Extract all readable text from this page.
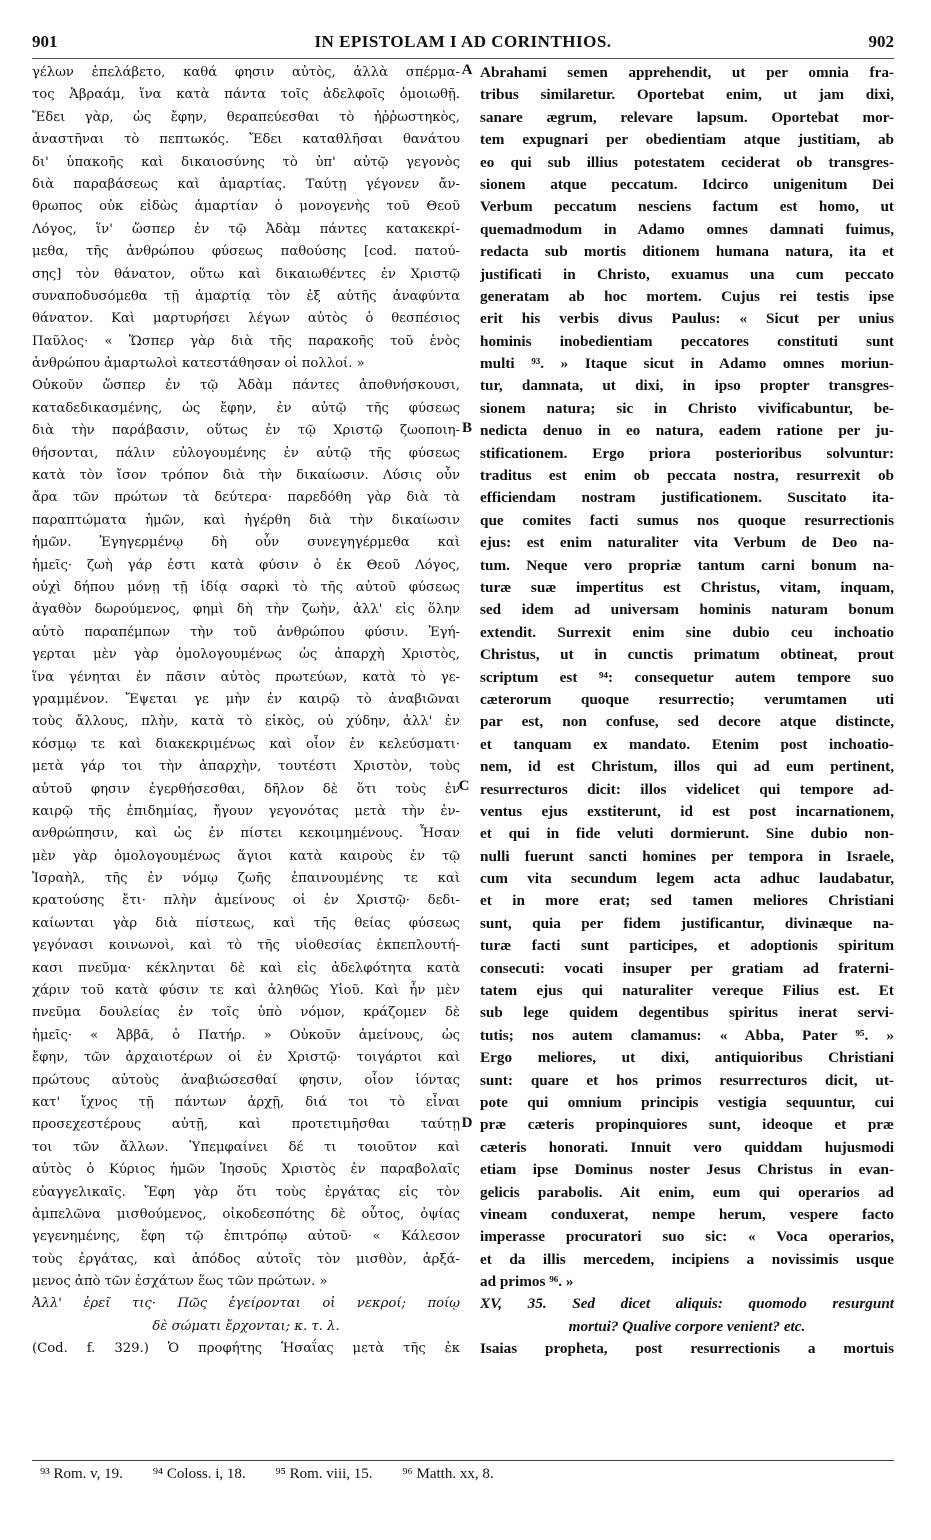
IN EPISTOLAM I AD CORINTHIOS.
901	902
A
B
C
D
γέλων ἐπελάβετο, καθά φησιν αὐτὸς, ἀλλὰ σπέρμα-
τος Ἀβραάμ, ἵνα κατὰ πάντα τοῖς ἀδελφοῖς ὁμοιωθῇ.
Ἔδει γὰρ, ὡς ἔφην, θεραπεύεσθαι τὸ ἠῤῥωστηκὸς,
ἀναστῆναι τὸ πεπτωκός. Ἔδει καταθλῆσαι θανάτου
δι' ὑπακοῆς καὶ δικαιοσύνης τὸ ὑπ' αὐτῷ γεγονὸς
διὰ παραβάσεως καὶ ἁμαρτίας. Ταύτῃ γέγονεν ἄν-
θρωπος οὐκ εἰδὼς ἁμαρτίαν ὁ μονογενὴς τοῦ Θεοῦ
Λόγος, ἵν' ὥσπερ ἐν τῷ Ἀδὰμ πάντες κατακεκρί-
μεθα, τῆς ἀνθρώπου φύσεως παθούσης [cod. πατού-
σης] τὸν θάνατον, οὕτω καὶ δικαιωθέντες ἐν Χριστῷ
συναποδυσόμεθα τῇ ἁμαρτίᾳ τὸν ἐξ αὐτῆς ἀναφύντα
θάνατον. Καὶ μαρτυρήσει λέγων αὐτὸς ὁ θεσπέσιος
Παῦλος· « Ὥσπερ γὰρ διὰ τῆς παρακοῆς τοῦ ἑνὸς
ἀνθρώπου ἁμαρτωλοὶ κατεστάθησαν οἱ πολλοί. »
Οὐκοῦν ὥσπερ ἐν τῷ Ἀδὰμ πάντες ἀποθνήσκουσι,
καταδεδικασμένης, ὡς ἔφην, ἐν αὐτῷ τῆς φύσεως
διὰ τὴν παράβασιν, οὕτως ἐν τῷ Χριστῷ ζωοποιη-
θήσονται, πάλιν εὐλογουμένης ἐν αὐτῷ τῆς φύσεως
κατὰ τὸν ἴσον τρόπον διὰ τὴν δικαίωσιν. Λύσις οὖν
ἄρα τῶν πρώτων τὰ δεύτερα· παρεδόθη γὰρ διὰ τὰ
παραπτώματα ἡμῶν, καὶ ἠγέρθη διὰ τὴν δικαίωσιν
ἡμῶν. Ἐγηγερμένῳ δὴ οὖν συνεγηγέρμεθα καὶ
ἡμεῖς· ζωὴ γάρ ἐστι κατὰ φύσιν ὁ ἐκ Θεοῦ Λόγος,
οὐχὶ δήπου μόνῃ τῇ ἰδίᾳ σαρκὶ τὸ τῆς αὐτοῦ φύσεως
ἀγαθὸν δωρούμενος, φημὶ δὴ τὴν ζωὴν, ἀλλ' εἰς ὅλην
αὐτὸ παραπέμπων τὴν τοῦ ἀνθρώπου φύσιν. Ἐγή-
γερται μὲν γὰρ ὁμολογουμένως ὡς ἀπαρχὴ Χριστὸς,
ἵνα γένηται ἐν πᾶσιν αὐτὸς πρωτεύων, κατὰ τὸ γε-
γραμμένον. Ἔψεται γε μὴν ἐν καιρῷ τὸ ἀναβιῶναι
τοὺς ἄλλους, πλὴν, κατὰ τὸ εἰκὸς, οὐ χύδην, ἀλλ' ἐν
κόσμῳ τε καὶ διακεκριμένως καὶ οἷον ἐν κελεύσματι·
μετὰ γάρ τοι τὴν ἀπαρχὴν, τουτέστι Χριστὸν, τοὺς
αὐτοῦ φησιν ἐγερθήσεσθαι, δῆλον δὲ ὅτι τοὺς ἐν
καιρῷ τῆς ἐπιδημίας, ἤγουν γεγονότας μετὰ τὴν ἐν-
ανθρώπησιν, καὶ ὡς ἐν πίστει κεκοιμημένους. Ἦσαν
μὲν γὰρ ὁμολογουμένως ἅγιοι κατὰ καιροὺς ἐν τῷ
Ἰσραὴλ, τῆς ἐν νόμῳ ζωῆς ἐπαινουμένης τε καὶ
κρατούσης ἔτι· πλὴν ἀμείνους οἱ ἐν Χριστῷ· δεδι-
καίωνται γὰρ διὰ πίστεως, καὶ τῆς θείας φύσεως
γεγόνασι κοινωνοὶ, καὶ τὸ τῆς υἱοθεσίας ἐκπεπλουτή-
κασι πνεῦμα· κέκληνται δὲ καὶ εἰς ἀδελφότητα κατὰ
χάριν τοῦ κατὰ φύσιν τε καὶ ἀληθῶς Υἱοῦ. Καὶ ἦν μὲν
πνεῦμα δουλείας ἐν τοῖς ὑπὸ νόμον, κράζομεν δὲ
ἡμεῖς· « Ἀββᾶ, ὁ Πατήρ. » Οὐκοῦν ἀμείνους, ὡς
ἔφην, τῶν ἀρχαιοτέρων οἱ ἐν Χριστῷ· τοιγάρτοι καὶ
πρώτους αὐτοὺς ἀναβιώσεσθαί φησιν, οἷον ἰόντας
κατ' ἴχνος τῇ πάντων ἀρχῇ, διά τοι τὸ εἶναι
προσεχεστέρους αὐτῇ, καὶ προτετιμῆσθαι ταύτῃ
τοι τῶν ἄλλων. Ὑπεμφαίνει δέ τι τοιοῦτον καὶ
αὐτὸς ὁ Κύριος ἡμῶν Ἰησοῦς Χριστὸς ἐν παραβολαῖς
εὐαγγελικαῖς. Ἔφη γὰρ ὅτι τοὺς ἐργάτας εἰς τὸν
ἀμπελῶνα μισθούμενος, οἰκοδεσπότης δὲ οὗτος, ὀψίας
γεγενημένης, ἔφη τῷ ἐπιτρόπῳ αὐτοῦ· « Κάλεσον
τοὺς ἐργάτας, καὶ ἀπόδος αὐτοῖς τὸν μισθὸν, ἀρξά-
μενος ἀπὸ τῶν ἐσχάτων ἕως τῶν πρώτων. »
Ἀλλ' ἐρεῖ τις· Πῶς ἐγείρονται οἱ νεκροί; ποίῳ
δὲ σώματι ἔρχονται; κ. τ. λ.
(Cod. f. 329.) Ὁ προφήτης Ἡσαΐας μετὰ τῆς ἐκ
Abrahami semen apprehendit, ut per omnia fra-
tribus similaretur. Oportebat enim, ut jam dixi,
sanare ægrum, relevare lapsum. Oportebat mor-
tem expugnari per obedientiam atque justitiam, ab
eo qui sub illius potestatem ceciderat ob transgres-
sionem atque peccatum. Idcirco unigenitum Dei
Verbum peccatum nesciens factum est homo, ut
quemadmodum in Adamo omnes damnati fuimus,
redacta sub mortis ditionem humana natura, ita et
justificati in Christo, exuamus una cum peccato
generatam ab hoc mortem. Cujus rei testis ipse
erit his verbis divus Paulus: « Sicut per unius
hominis inobedientiam peccatores constituti sunt
multi ⁹³. » Itaque sicut in Adamo omnes moriun-
tur, damnata, ut dixi, in ipso propter transgres-
sionem natura; sic in Christo vivificabuntur, be-
nedicta denuo in eo natura, eadem ratione per ju-
stificationem. Ergo priora posterioribus solvuntur:
traditus est enim ob peccata nostra, resurrexit ob
efficiendam nostram justificationem. Suscitato ita-
que comites facti sumus nos quoque resurrectionis
ejus: est enim naturaliter vita Verbum de Deo na-
tum. Neque vero propriæ tantum carni bonum na-
turæ suæ impertitus est Christus, vitam, inquam,
sed idem ad universam hominis naturam bonum
extendit. Surrexit enim sine dubio ceu inchoatio
Christus, ut in cunctis primatum obtineat, prout
scriptum est ⁹⁴: consequetur autem tempore suo
cæterorum quoque resurrectio; verumtamen uti
par est, non confuse, sed decore atque distincte,
et tanquam ex mandato. Etenim post inchoatio-
nem, id est Christum, illos qui ad eum pertinent,
resurrecturos dicit: illos videlicet qui tempore ad-
ventus ejus exstiterunt, id est post incarnationem,
et qui in fide veluti dormierunt. Sine dubio non-
nulli fuerunt sancti homines per tempora in Israele,
cum vita secundum legem acta adhuc laudabatur,
et in more erat; sed tamen meliores Christiani
sunt, quia per fidem justificantur, divinæque na-
turæ facti sunt participes, et adoptionis spiritum
consecuti: vocati insuper per gratiam ad fraterni-
tatem ejus qui naturaliter vereque Filius est. Et
sub lege quidem degentibus spiritus inerat servi-
tutis; nos autem clamamus: « Abba, Pater ⁹⁵. »
Ergo meliores, ut dixi, antiquioribus Christiani
sunt: quare et hos primos resurrecturos dicit, ut-
pote qui omnium principis vestigia sequuntur, cui
præ cæteris propinquiores sunt, ideoque et præ
cæteris honorati. Innuit vero quiddam hujusmodi
etiam ipse Dominus noster Jesus Christus in evan-
gelicis parabolis. Ait enim, eum qui operarios ad
vineam conduxerat, nempe herum, vespere facto
imperasse procuratori suo sic: « Voca operarios,
et da illis mercedem, incipiens a novissimis usque
ad primos ⁹⁶. »
XV, 35. Sed dicet aliquis: quomodo resurgunt
mortui? Qualive corpore venient? etc.
Isaias propheta, post resurrectionis a mortuis
⁹³ Rom. v, 19. ⁹⁴ Coloss. i, 18. ⁹⁵ Rom. viii, 15. ⁹⁶ Matth. xx, 8.
